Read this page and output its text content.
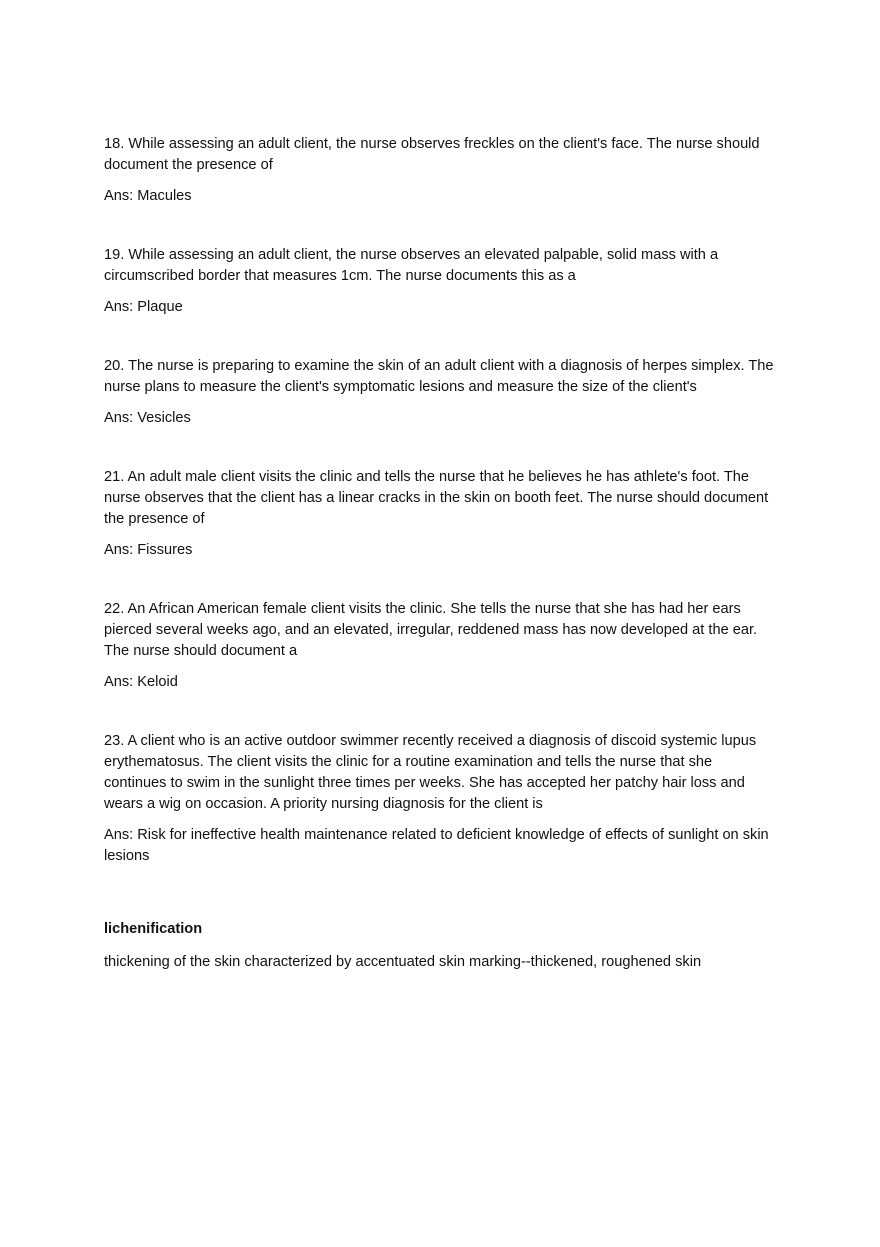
18. While assessing an adult client, the nurse observes freckles on the client's face. The nurse should document the presence of

Ans: Macules

19. While assessing an adult client, the nurse observes an elevated palpable, solid mass with a circumscribed border that measures 1cm. The nurse documents this as a

Ans: Plaque

20. The nurse is preparing to examine the skin of an adult client with a diagnosis of herpes simplex. The nurse plans to measure the client's symptomatic lesions and measure the size of the client's

Ans: Vesicles

21. An adult male client visits the clinic and tells the nurse that he believes he has athlete's foot. The nurse observes that the client has a linear cracks in the skin on booth feet. The nurse should document the presence of

Ans: Fissures

22. An African American female client visits the clinic. She tells the nurse that she has had her ears pierced several weeks ago, and an elevated, irregular, reddened mass has now developed at the ear. The nurse should document a

Ans: Keloid

23. A client who is an active outdoor swimmer recently received a diagnosis of discoid systemic lupus erythematosus. The client visits the clinic for a routine examination and tells the nurse that she continues to swim in the sunlight three times per weeks. She has accepted her patchy hair loss and wears a wig on occasion. A priority nursing diagnosis for the client is

Ans: Risk for ineffective health maintenance related to deficient knowledge of effects of sunlight on skin lesions

lichenification

thickening of the skin characterized by accentuated skin marking--thickened, roughened skin
